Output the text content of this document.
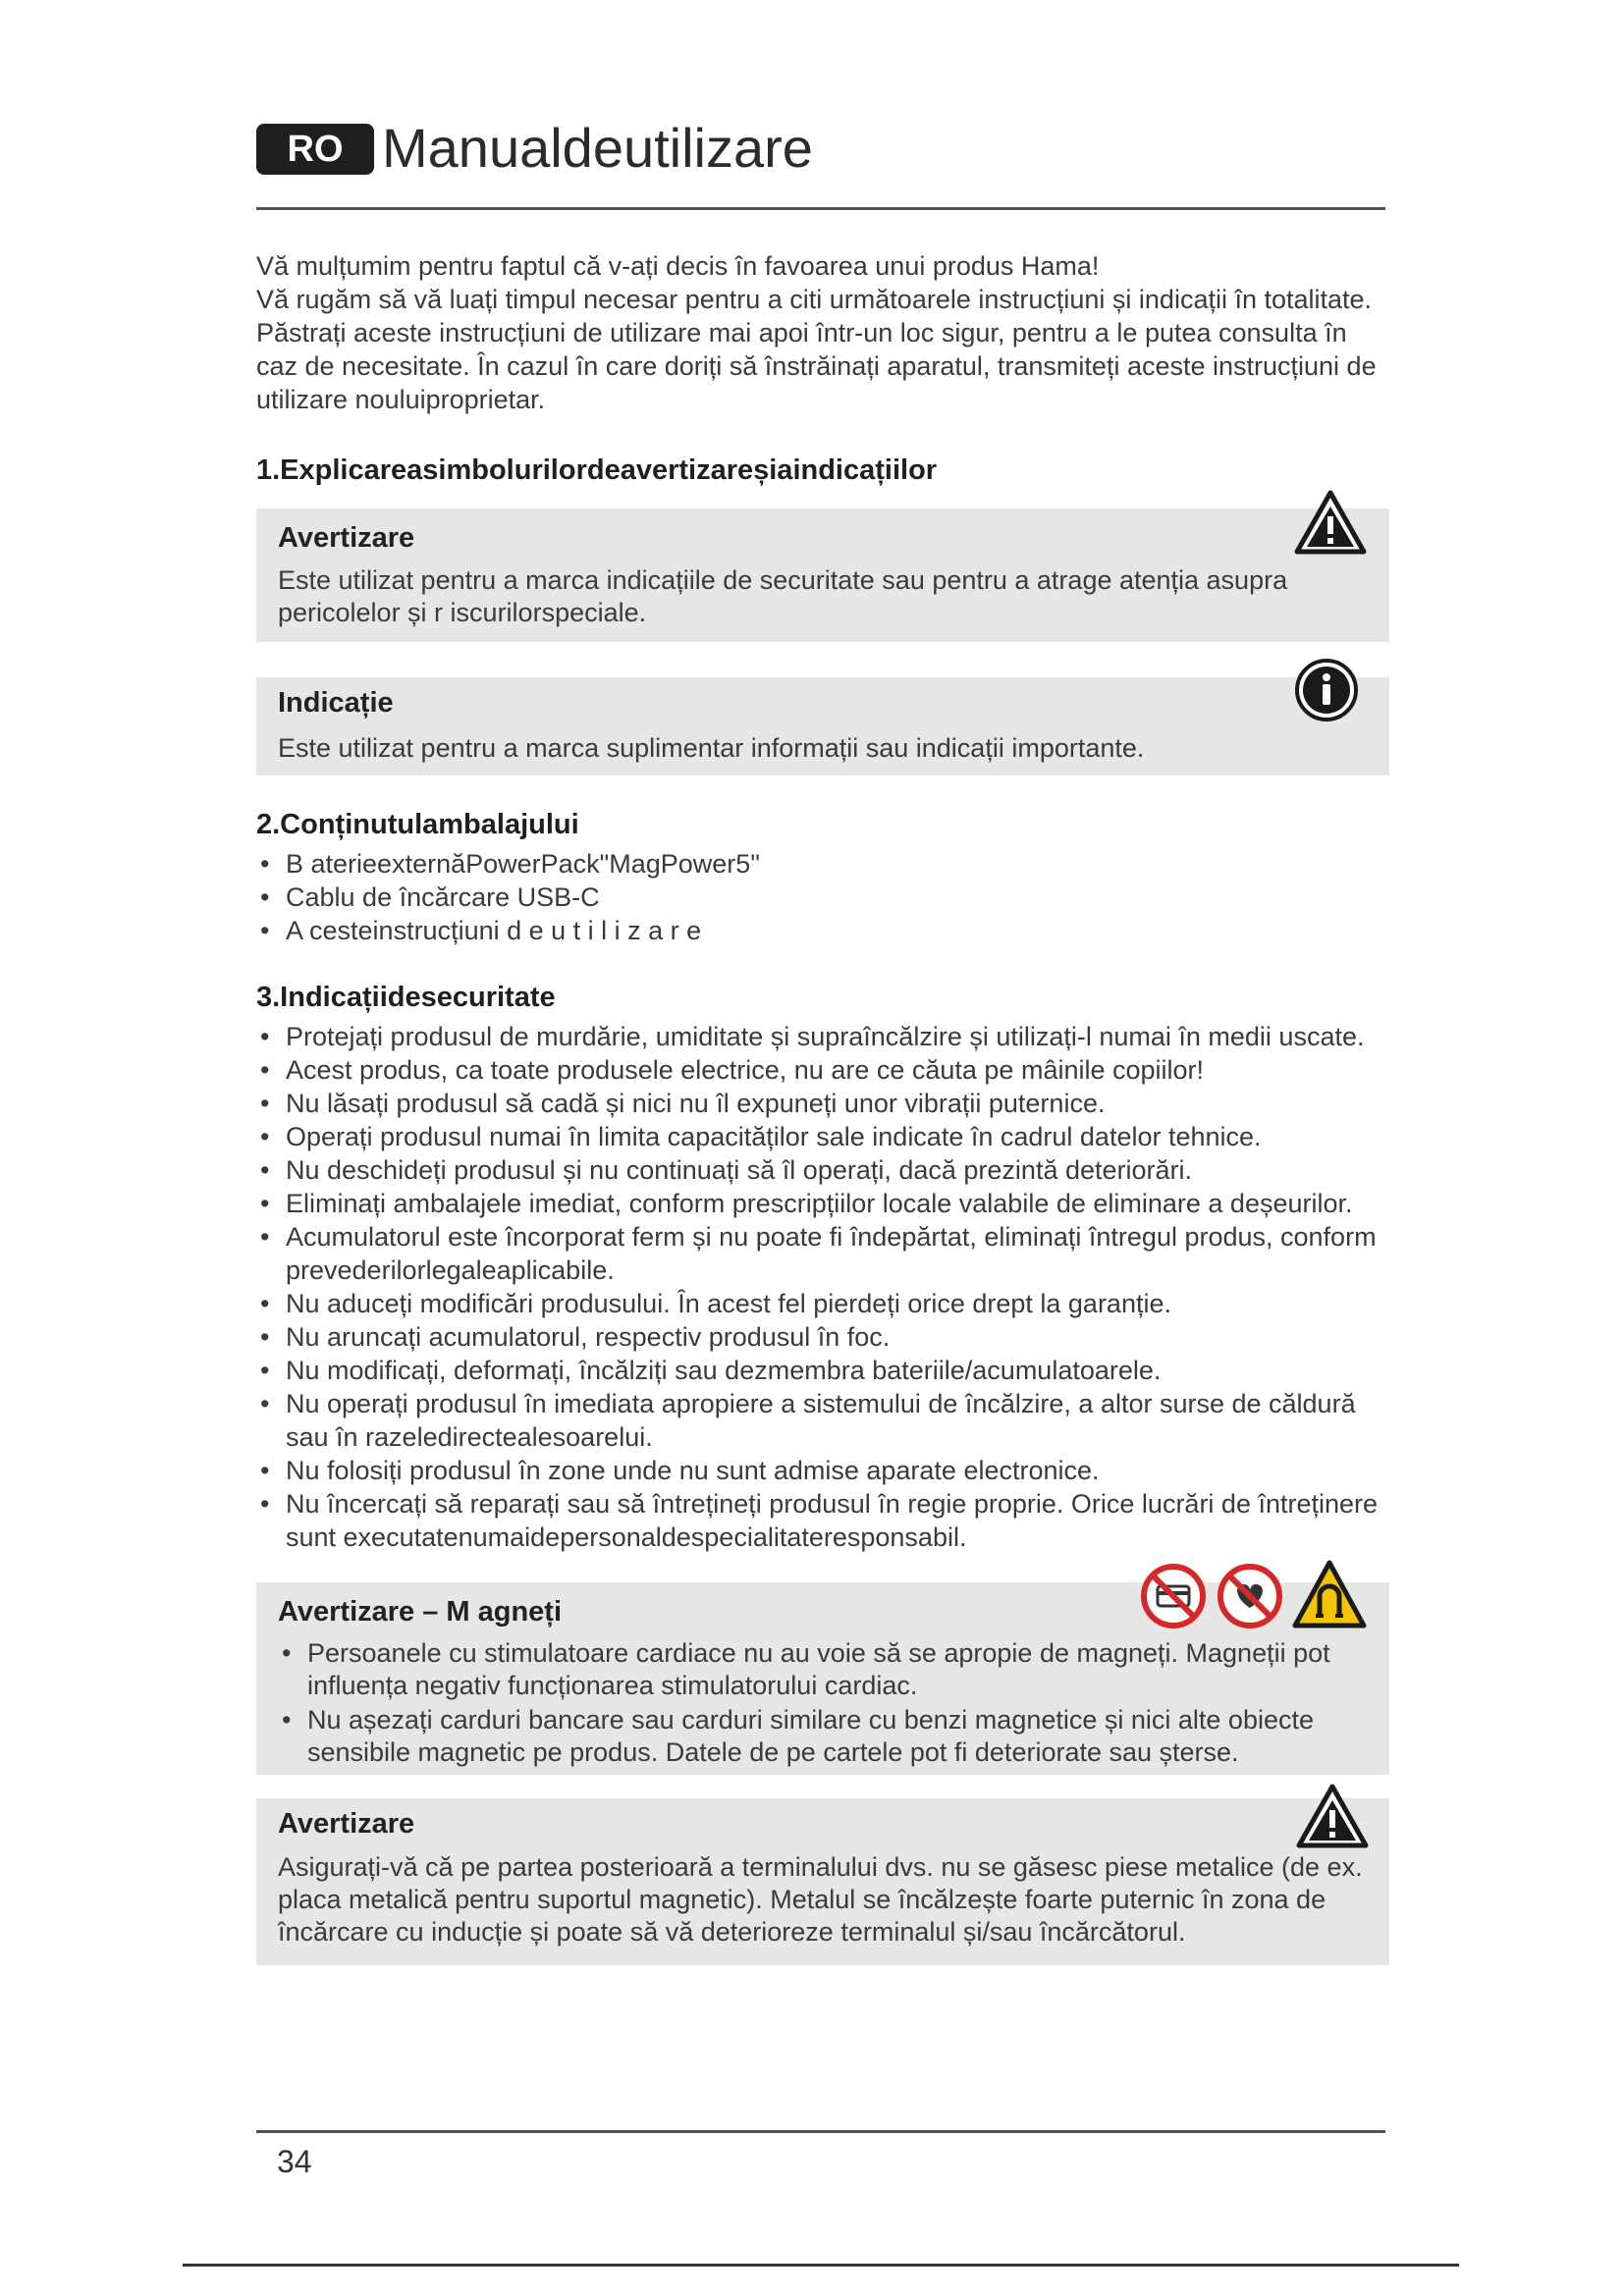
RO Manualdeutilizare

Vă mulțumim pentru faptul că v-ați decis în favoarea unui produs Hama!

Vă rugăm să vă luați timpul necesar pentru a citi următoarele instrucțiuni și indicații în totalitate. Păstrați aceste instrucțiuni de utilizare mai apoi într-un loc sigur, pentru a le putea consulta în caz de necesitate. În cazul în care doriți să înstrăinați aparatul, transmiteți aceste instrucțiuni de utilizare nouluiproprietar.

1.Explicareasimbolurilordeavertizareșiaindicațiilor
Avertizare
Este utilizat pentru a marca indicațiile de securitate sau pentru a atrage atenția asupra pericolelor și r iscurilorspeciale.
Indicație
Este utilizat pentru a marca suplimentar informații sau indicații importante.
2.Conținutulambalajului
• B aterieexternăPowerPack"MagPower5"
• Cablu de încărcare USB-C
• A cesteinstrucțiuni d e u t i l i z a r e
3.Indicațiidesecuritate
• Protejați produsul de murdărie, umiditate și supraîncălzire și utilizați-l numai în medii uscate.
• Acest produs, ca toate produsele electrice, nu are ce căuta pe mâinile copiilor!
• Nu lăsați produsul să cadă și nici nu îl expuneți unor vibrații puternice.
• Operați produsul numai în limita capacităților sale indicate în cadrul datelor tehnice.
• Nu deschideți produsul și nu continuați să îl operați, dacă prezintă deteriorări.
• Eliminați ambalajele imediat, conform prescripțiilor locale valabile de eliminare a deșeurilor.
• Acumulatorul este încorporat ferm și nu poate fi îndepărtat, eliminați întregul produs, conform prevederilorlegaleaplicabile.
• Nu aduceți modificări produsului. În acest fel pierdeți orice drept la garanție.
• Nu aruncați acumulatorul, respectiv produsul în foc.
• Nu modificați, deformați, încălziți sau dezmembra bateriile/acumulatoarele.
• Nu operați produsul în imediata apropiere a sistemului de încălzire, a altor surse de căldură sau în razeledirectealesoarelui.
• Nu folosiți produsul în zone unde nu sunt admise aparate electronice.
• Nu încercați să reparați sau să întrețineți produsul în regie proprie. Orice lucrări de întreținere sunt executatenumaidepersonaldespecialitateresponsabil.
Avertizare – M agneți
• Persoanele cu stimulatoare cardiace nu au voie să se apropie de magneți. Magneții pot influența negativ funcționarea stimulatorului cardiac.
• Nu așezați carduri bancare sau carduri similare cu benzi magnetice și nici alte obiecte sensibile magnetic pe produs. Datele de pe cartele pot fi deteriorate sau șterse.
Avertizare
Asigurați-vă că pe partea posterioară a terminalului dvs. nu se găsesc piese metalice (de ex. placa metalică pentru suportul magnetic). Metalul se încălzește foarte puternic în zona de încărcare cu inducție și poate să vă deterioreze terminalul și/sau încărcătorul.
34
